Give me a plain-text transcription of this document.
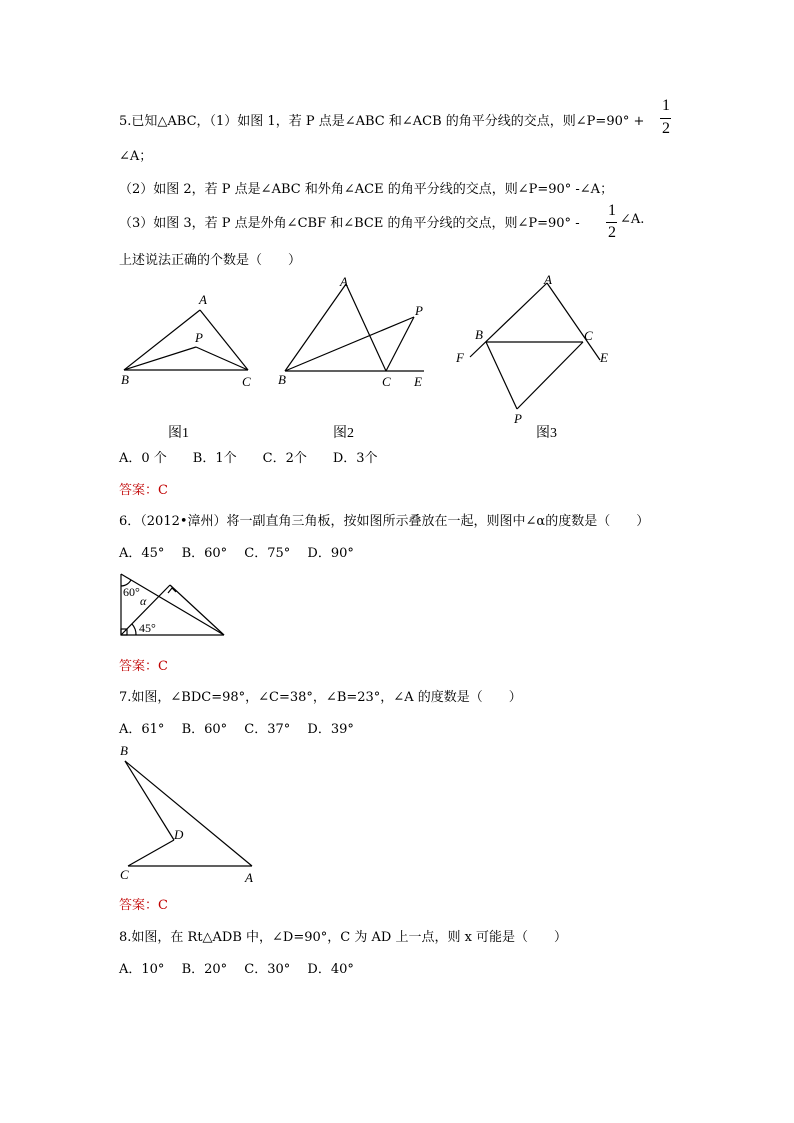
5.已知△ABC，（1）如图 1，若 P 点是∠ABC 和∠ACB 的角平分线的交点，则∠P=90° +
1
2
∠A；
（2）如图 2，若 P 点是∠ABC 和外角∠ACE 的角平分线的交点，则∠P=90° -∠A；
（3）如图 3，若 P 点是外角∠CBF 和∠BCE 的角平分线的交点，则∠P=90° -
1
2
∠A.
上述说法正确的个数是（　　）
A
P
B	C
A
P
B	C E
A
B	C
F	E
P
图1	图2	图3
A．0 个　　B．1个　　C．2个　　D．3个
答案：C
6．（2012•漳州）将一副直角三角板，按如图所示叠放在一起，则图中∠α的度数是（　　）
A．45°　 B．60°　 C．75°　 D．90°
60°
α
45°
答案：C
7.如图，∠BDC=98°，∠C=38°，∠B=23°，∠A 的度数是（　　）
A．61°　 B．60°　 C．37°　 D．39°
B
D
C	A
答案：C
8.如图，在 Rt△ADB 中，∠D=90°，C 为 AD 上一点，则 x 可能是（　　）
A．10°　 B．20°　 C．30°　 D．40°
